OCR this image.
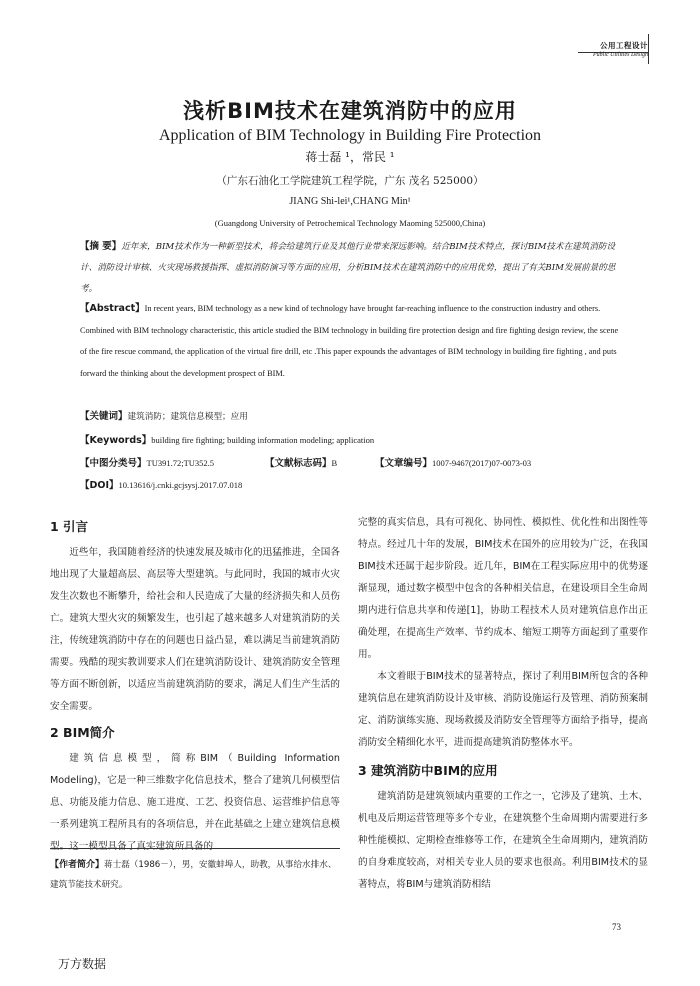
公用工程设计
Public Utilities Design
浅析BIM技术在建筑消防中的应用
Application of BIM Technology in Building Fire Protection
蒋士磊 ¹，常民 ¹
（广东石油化工学院建筑工程学院，广东 茂名 525000）
JIANG Shi-lei¹,CHANG Min¹
(Guangdong University of Petrochemical Technology Maoming 525000,China)
【摘 要】近年来，BIM技术作为一种新型技术，将会给建筑行业及其他行业带来深远影响。结合BIM技术特点，探讨BIM技术在建筑消防设计、消防设计审核、火灾现场救援指挥、虚拟消防演习等方面的应用，分析BIM技术在建筑消防中的应用优势，提出了有关BIM发展前景的思考。
【Abstract】In recent years, BIM technology as a new kind of technology have brought far-reaching influence to the construction industry and others. Combined with BIM technology characteristic, this article studied the BIM technology in building fire protection design and fire fighting design review, the scene of the fire rescue command, the application of the virtual fire drill, etc .This paper expounds the advantages of BIM technology in building fire fighting , and puts forward the thinking about the development prospect of BIM.
【关键词】建筑消防；建筑信息模型；应用
【Keywords】building fire fighting; building information modeling; application
【中图分类号】TU391.72;TU352.5	【文献标志码】B	【文章编号】1007-9467(2017)07-0073-03
【DOI】10.13616/j.cnki.gcjsysj.2017.07.018
1 引言

近些年，我国随着经济的快速发展及城市化的迅猛推进，全国各地出现了大量超高层、高层等大型建筑。与此同时，我国的城市火灾发生次数也不断攀升，给社会和人民造成了大量的经济损失和人员伤亡。建筑大型火灾的频繁发生，也引起了越来越多人对建筑消防的关注，传统建筑消防中存在的问题也日益凸显，难以满足当前建筑消防需要。残酷的现实教训要求人们在建筑消防设计、建筑消防安全管理等方面不断创新，以适应当前建筑消防的要求，满足人们生产生活的安全需要。

2 BIM简介

建筑信息模型，简称BIM（Building Information Modeling)，它是一种三维数字化信息技术，整合了建筑几何模型信息、功能及能力信息、施工进度、工艺、投资信息、运营维护信息等一系列建筑工程所具有的各项信息，并在此基础之上建立建筑信息模型。这一模型具备了真实建筑所具备的

【作者简介】蒋士磊（1986－），男，安徽蚌埠人，助教，从事给水排水、建筑节能技术研究。

完整的真实信息，具有可视化、协同性、模拟性、优化性和出图性等特点。经过几十年的发展，BIM技术在国外的应用较为广泛，在我国BIM技术还属于起步阶段。近几年，BIM在工程实际应用中的优势逐渐显现，通过数字模型中包含的各种相关信息，在建设项目全生命周期内进行信息共享和传递[1]，协助工程技术人员对建筑信息作出正确处理，在提高生产效率、节约成本、缩短工期等方面起到了重要作用。

本文着眼于BIM技术的显著特点，探讨了利用BIM所包含的各种建筑信息在建筑消防设计及审核、消防设施运行及管理、消防预案制定、消防演练实施、现场救援及消防安全管理等方面给予指导，提高消防安全精细化水平，进而提高建筑消防整体水平。

3 建筑消防中BIM的应用

建筑消防是建筑领域内重要的工作之一，它涉及了建筑、土木、机电及后期运营管理等多个专业，在建筑整个生命周期内需要进行多种性能模拟、定期检查维修等工作，在建筑全生命周期内，建筑消防的自身难度较高，对相关专业人员的要求也很高。利用BIM技术的显著特点，将BIM与建筑消防相结

73
万方数据
